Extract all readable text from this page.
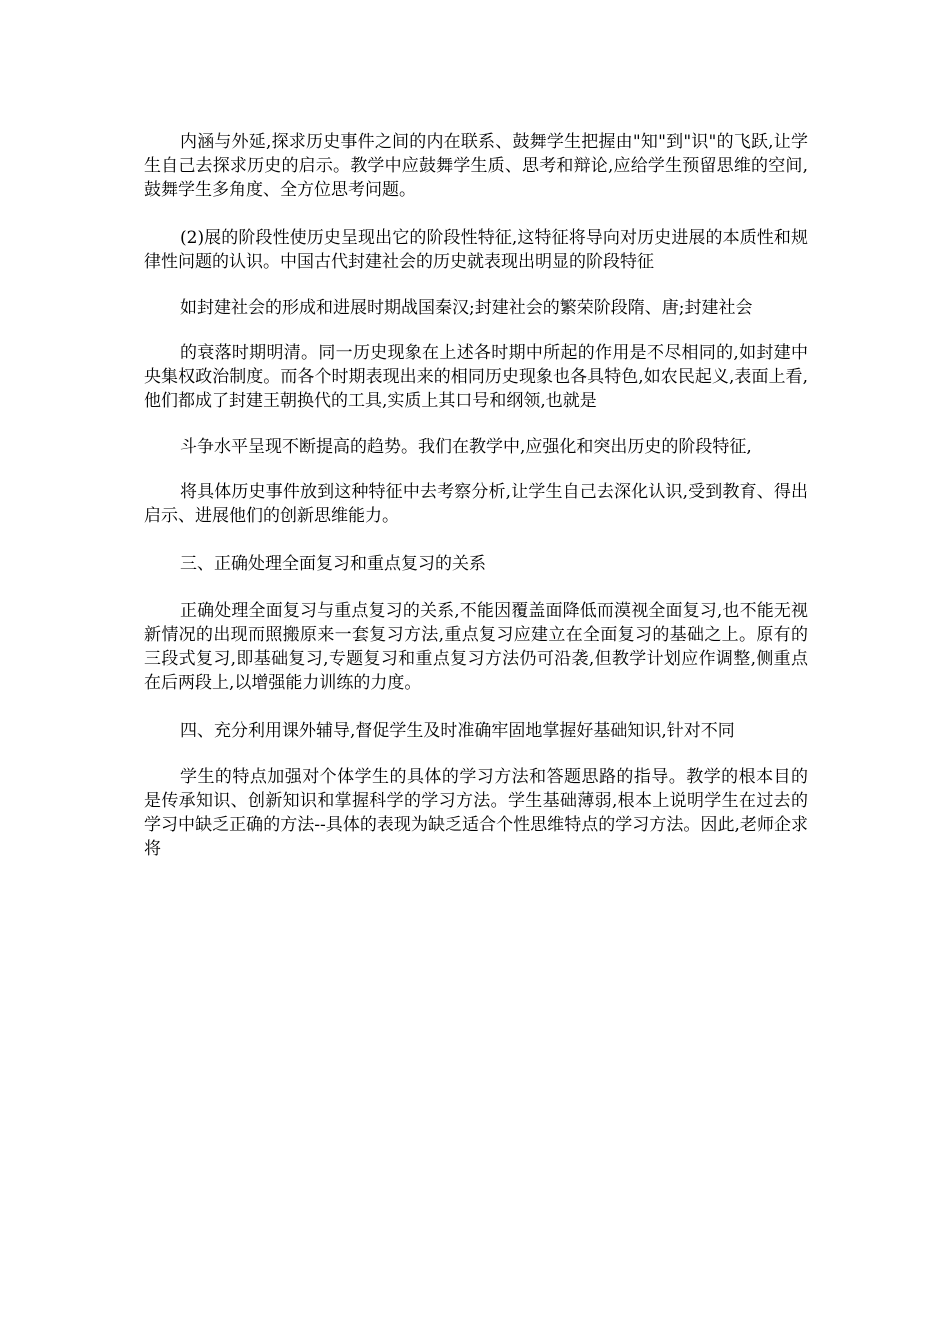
内涵与外延,探求历史事件之间的内在联系、鼓舞学生把握由"知"到"识"的飞跃,让学生自己去探求历史的启示。教学中应鼓舞学生质、思考和辩论,应给学生预留思维的空间,鼓舞学生多角度、全方位思考问题。

(2)展的阶段性使历史呈现出它的阶段性特征,这特征将导向对历史进展的本质性和规律性问题的认识。中国古代封建社会的历史就表现出明显的阶段特征

如封建社会的形成和进展时期战国秦汉;封建社会的繁荣阶段隋、唐;封建社会

的衰落时期明清。同一历史现象在上述各时期中所起的作用是不尽相同的,如封建中央集权政治制度。而各个时期表现出来的相同历史现象也各具特色,如农民起义,表面上看,他们都成了封建王朝换代的工具,实质上其口号和纲领,也就是

斗争水平呈现不断提高的趋势。我们在教学中,应强化和突出历史的阶段特征,

将具体历史事件放到这种特征中去考察分析,让学生自己去深化认识,受到教育、得出启示、进展他们的创新思维能力。

三、正确处理全面复习和重点复习的关系

正确处理全面复习与重点复习的关系,不能因覆盖面降低而漠视全面复习,也不能无视新情况的出现而照搬原来一套复习方法,重点复习应建立在全面复习的基础之上。原有的三段式复习,即基础复习,专题复习和重点复习方法仍可沿袭,但教学计划应作调整,侧重点在后两段上,以增强能力训练的力度。

四、充分利用课外辅导,督促学生及时准确牢固地掌握好基础知识,针对不同

学生的特点加强对个体学生的具体的学习方法和答题思路的指导。教学的根本目的是传承知识、创新知识和掌握科学的学习方法。学生基础薄弱,根本上说明学生在过去的学习中缺乏正确的方法--具体的表现为缺乏适合个性思维特点的学习方法。因此,老师企求将
